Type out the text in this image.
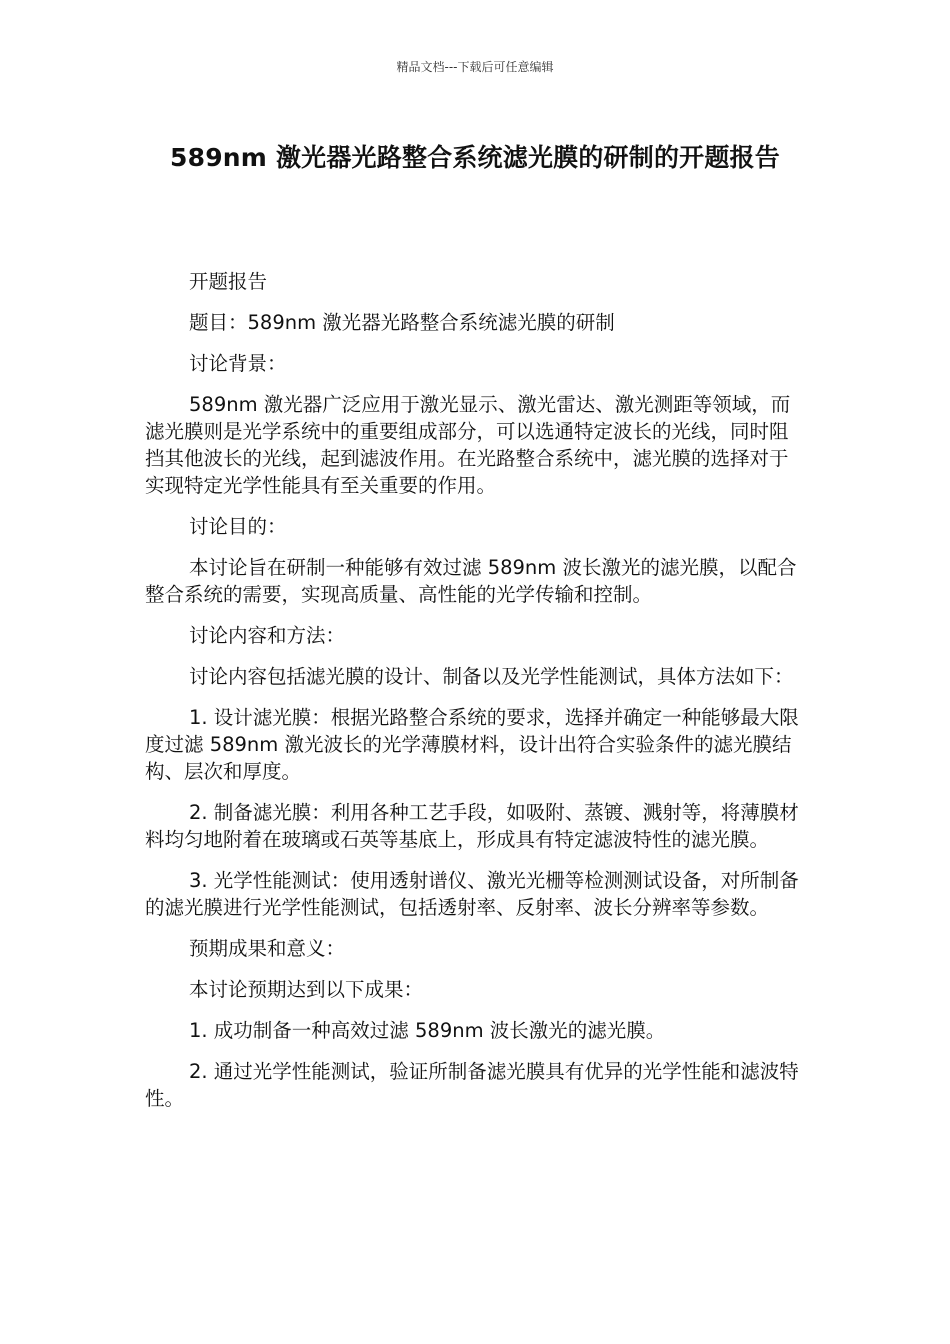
精品文档---下载后可任意编辑
589nm 激光器光路整合系统滤光膜的研制的开题报告

开题报告

题目：589nm 激光器光路整合系统滤光膜的研制

讨论背景：

589nm 激光器广泛应用于激光显示、激光雷达、激光测距等领域，而滤光膜则是光学系统中的重要组成部分，可以选通特定波长的光线，同时阻挡其他波长的光线，起到滤波作用。在光路整合系统中，滤光膜的选择对于实现特定光学性能具有至关重要的作用。

讨论目的：

本讨论旨在研制一种能够有效过滤 589nm 波长激光的滤光膜，以配合整合系统的需要，实现高质量、高性能的光学传输和控制。

讨论内容和方法：

讨论内容包括滤光膜的设计、制备以及光学性能测试，具体方法如下：

1. 设计滤光膜：根据光路整合系统的要求，选择并确定一种能够最大限度过滤 589nm 激光波长的光学薄膜材料，设计出符合实验条件的滤光膜结构、层次和厚度。

2. 制备滤光膜：利用各种工艺手段，如吸附、蒸镀、溅射等，将薄膜材料均匀地附着在玻璃或石英等基底上，形成具有特定滤波特性的滤光膜。

3. 光学性能测试：使用透射谱仪、激光光栅等检测测试设备，对所制备的滤光膜进行光学性能测试，包括透射率、反射率、波长分辨率等参数。

预期成果和意义：

本讨论预期达到以下成果：

1. 成功制备一种高效过滤 589nm 波长激光的滤光膜。

2. 通过光学性能测试，验证所制备滤光膜具有优异的光学性能和滤波特性。
